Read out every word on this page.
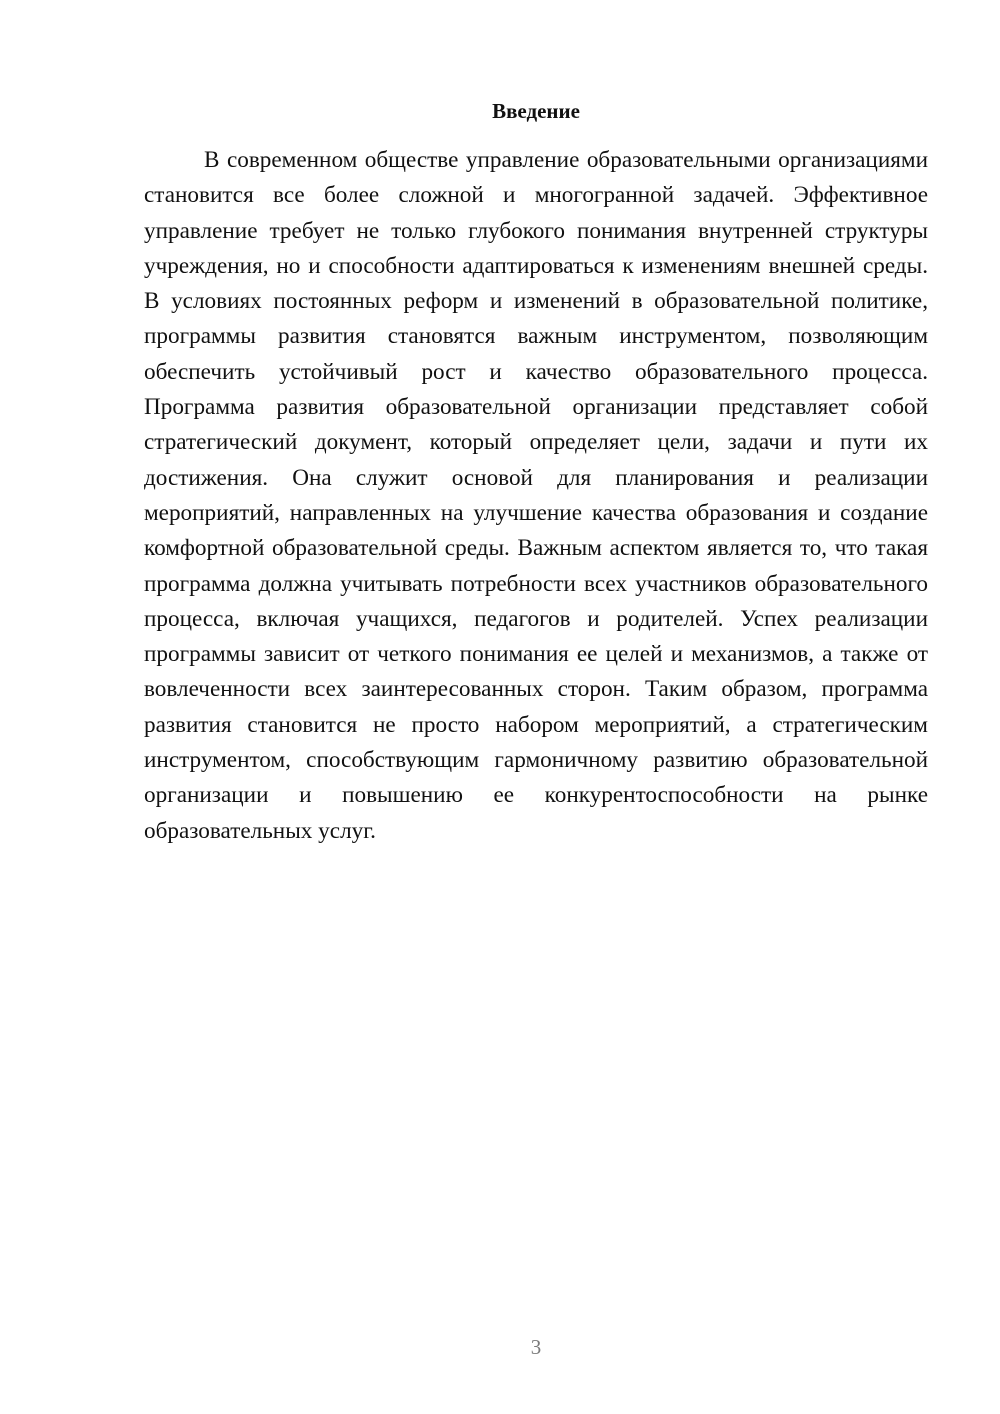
Введение

В современном обществе управление образовательными организациями становится все более сложной и многогранной задачей. Эффективное управление требует не только глубокого понимания внутренней структуры учреждения, но и способности адаптироваться к изменениям внешней среды. В условиях постоянных реформ и изменений в образовательной политике, программы развития становятся важным инструментом, позволяющим обеспечить устойчивый рост и качество образовательного процесса. Программа развития образовательной организации представляет собой стратегический документ, который определяет цели, задачи и пути их достижения. Она служит основой для планирования и реализации мероприятий, направленных на улучшение качества образования и создание комфортной образовательной среды. Важным аспектом является то, что такая программа должна учитывать потребности всех участников образовательного процесса, включая учащихся, педагогов и родителей. Успех реализации программы зависит от четкого понимания ее целей и механизмов, а также от вовлеченности всех заинтересованных сторон. Таким образом, программа развития становится не просто набором мероприятий, а стратегическим инструментом, способствующим гармоничному развитию образовательной организации и повышению ее конкурентоспособности на рынке образовательных услуг.

3
